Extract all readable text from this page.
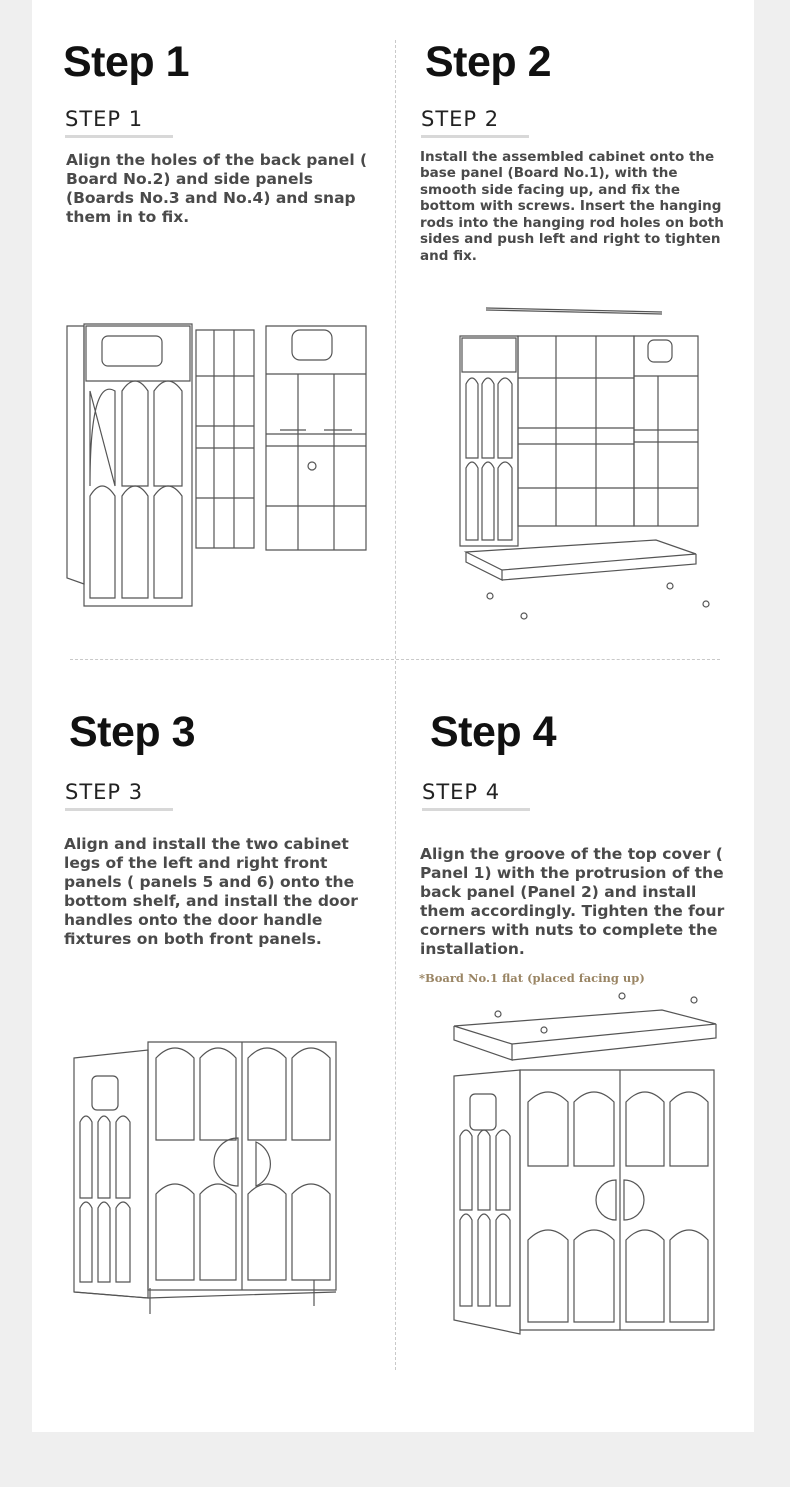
Step 1
STEP 1
Align the holes of the back panel ( Board No.2) and side panels (Boards No.3 and No.4) and snap them in to fix.
Step 2
STEP 2
Install the assembled cabinet onto the base panel (Board No.1), with the smooth side facing up, and fix the bottom with screws. Insert the hanging rods into the hanging rod holes on both sides and push left and right to tighten and fix.
Step 3
STEP 3
Align and install the two cabinet legs of the left and right front panels ( panels 5 and 6) onto the bottom shelf, and install the door handles onto the door handle fixtures on both front panels.
Step 4
STEP 4
Align the groove of the top cover ( Panel 1) with the protrusion of the back panel (Panel 2) and install them accordingly. Tighten the four corners with nuts to complete the installation.
*Board No.1 flat (placed facing up)
